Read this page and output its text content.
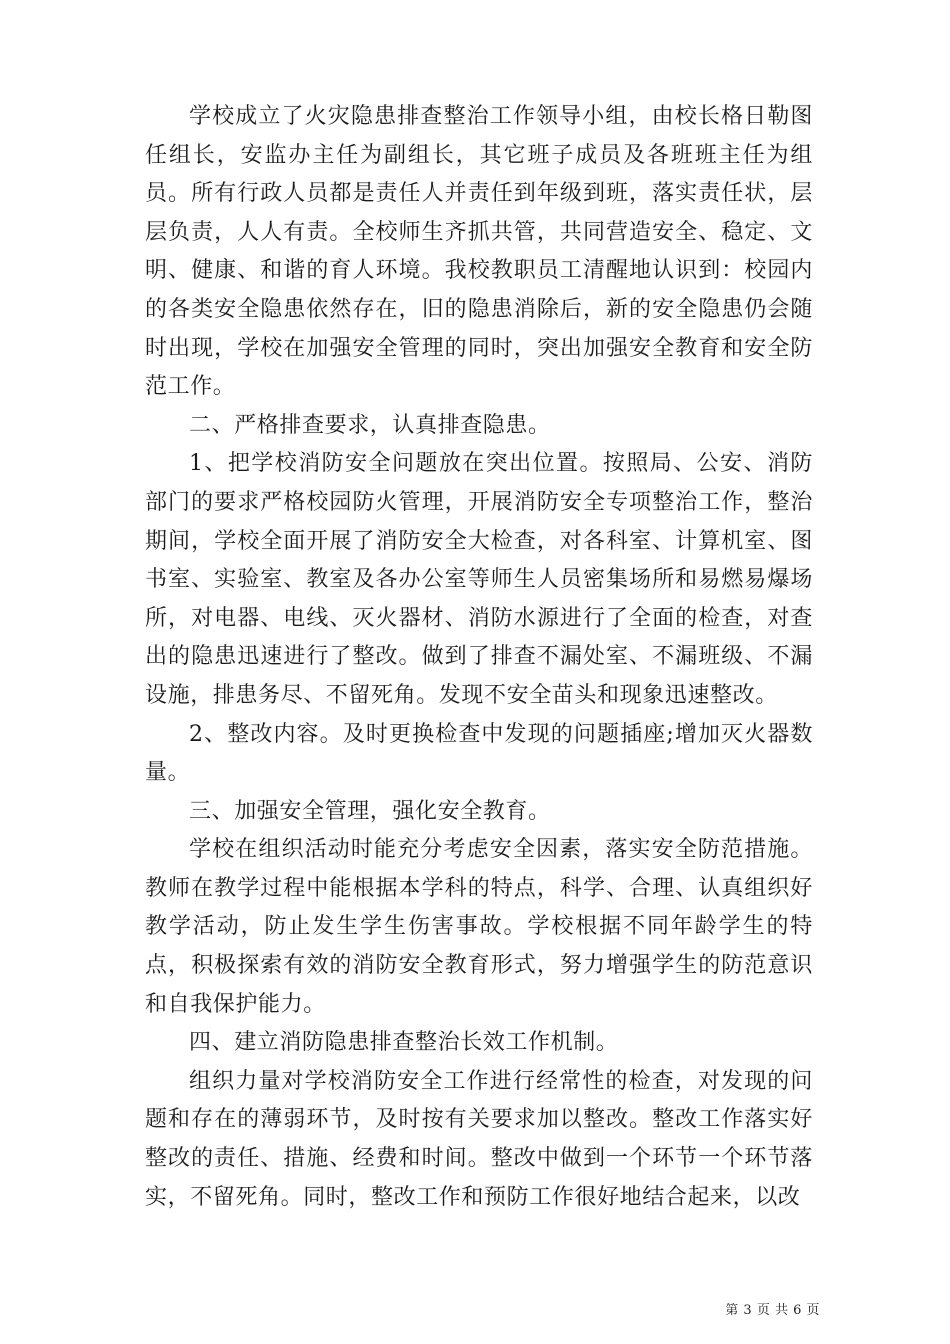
学校成立了火灾隐患排查整治工作领导小组，由校长格日勒图任组长，安监办主任为副组长，其它班子成员及各班班主任为组员。所有行政人员都是责任人并责任到年级到班，落实责任状，层层负责，人人有责。全校师生齐抓共管，共同营造安全、稳定、文明、健康、和谐的育人环境。我校教职员工清醒地认识到：校园内的各类安全隐患依然存在，旧的隐患消除后，新的安全隐患仍会随时出现，学校在加强安全管理的同时，突出加强安全教育和安全防范工作。

二、严格排查要求，认真排查隐患。

1、把学校消防安全问题放在突出位置。按照局、公安、消防部门的要求严格校园防火管理，开展消防安全专项整治工作，整治期间，学校全面开展了消防安全大检查，对各科室、计算机室、图书室、实验室、教室及各办公室等师生人员密集场所和易燃易爆场所，对电器、电线、灭火器材、消防水源进行了全面的检查，对查出的隐患迅速进行了整改。做到了排查不漏处室、不漏班级、不漏设施，排患务尽、不留死角。发现不安全苗头和现象迅速整改。

2、整改内容。及时更换检查中发现的问题插座;增加灭火器数量。

三、加强安全管理，强化安全教育。

学校在组织活动时能充分考虑安全因素，落实安全防范措施。教师在教学过程中能根据本学科的特点，科学、合理、认真组织好教学活动，防止发生学生伤害事故。学校根据不同年龄学生的特点，积极探索有效的消防安全教育形式，努力增强学生的防范意识和自我保护能力。

四、建立消防隐患排查整治长效工作机制。

组织力量对学校消防安全工作进行经常性的检查，对发现的问题和存在的薄弱环节，及时按有关要求加以整改。整改工作落实好整改的责任、措施、经费和时间。整改中做到一个环节一个环节落实，不留死角。同时，整改工作和预防工作很好地结合起来，以改

第 3 页 共 6 页
